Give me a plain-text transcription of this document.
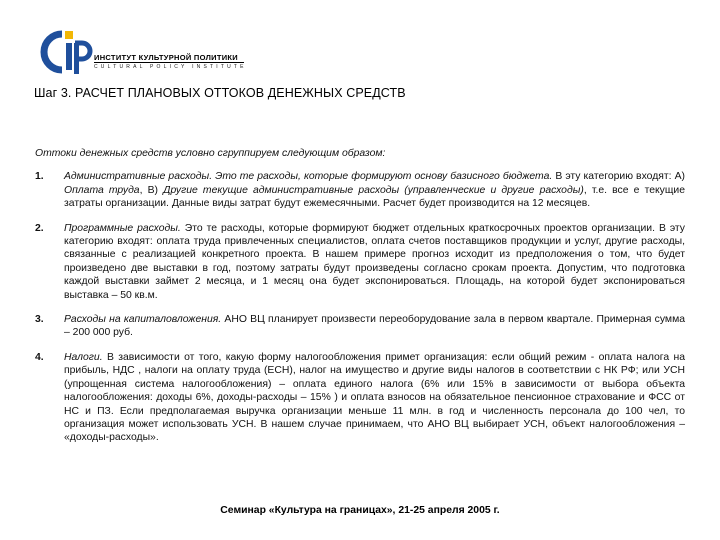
ИНСТИТУТ КУЛЬТУРНОЙ ПОЛИТИКИ
CULTURAL POLICY INSTITUTE
Шаг 3. РАСЧЕТ ПЛАНОВЫХ ОТТОКОВ ДЕНЕЖНЫХ СРЕДСТВ

Оттоки денежных средств условно сгруппируем следующим образом:

1.	Административные расходы. Это те расходы, которые формируют основу базисного бюджета. В эту категорию входят: А) Оплата труда, В) Другие текущие административные расходы (управленческие и другие расходы), т.е. все е текущие затраты организации. Данные виды затрат будут ежемесячными. Расчет будет производится на 12 месяцев.
2.	Программные расходы. Это те расходы, которые формируют бюджет отдельных краткосрочных проектов организации. В эту категорию входят: оплата труда привлеченных специалистов, оплата счетов поставщиков продукции и услуг, другие расходы, связанные с реализацией конкретного проекта. В нашем примере прогноз исходит из предположения о том, что будет произведено две выставки в год, поэтому затраты будут произведены согласно срокам проекта. Допустим, что подготовка каждой выставки займет 2 месяца, и 1 месяц она будет экспонироваться. Площадь, на которой будет экспонироваться выставка – 50 кв.м.
3.	Расходы на капиталовложения. АНО ВЦ планирует произвести переоборудование зала в первом квартале. Примерная сумма – 200 000 руб.
4.	Налоги. В зависимости от того, какую форму налогообложения примет организация: если общий режим - оплата налога на прибыль, НДС , налоги на оплату труда (ЕСН), налог на имущество и другие виды налогов в соответствии с НК РФ; или УСН (упрощенная система налогообложения) – оплата единого налога (6% или 15% в зависимости от выбора объекта налогообложения: доходы 6%, доходы-расходы – 15% ) и оплата взносов на обязательное пенсионное страхование и ФСС от НС и ПЗ. Если предполагаемая выручка организации меньше 11 млн. в год и численность персонала до 100 чел, то организация может использовать УСН. В нашем случае принимаем, что АНО ВЦ выбирает УСН, объект налогообложения – «доходы-расходы».
Семинар «Культура на границах», 21-25 апреля 2005 г.
